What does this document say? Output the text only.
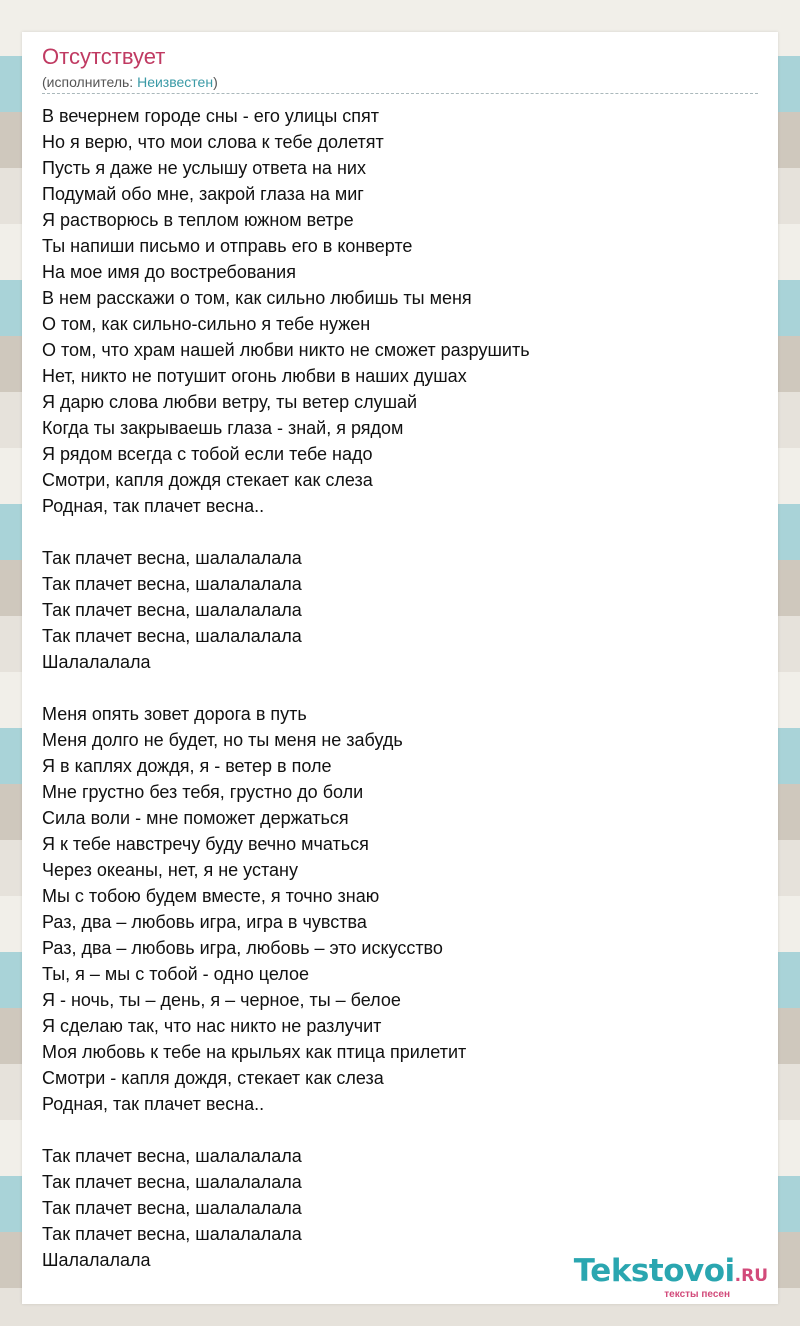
Отсутствует
(исполнитель: Неизвестен)
В вечернем городе сны - его улицы спят
Но я верю, что мои слова к тебе долетят
Пусть я даже не услышу ответа на них
Подумай обо мне, закрой глаза на миг
Я растворюсь в теплом южном ветре
Ты напиши письмо и отправь его в конверте
На мое имя до востребования
В нем расскажи о том, как сильно любишь ты меня
О том, как сильно-сильно я тебе нужен
О том, что храм нашей любви никто не сможет разрушить
Нет, никто не потушит огонь любви в наших душах
Я дарю слова любви ветру, ты ветер слушай
Когда ты закрываешь глаза - знай, я рядом
Я рядом всегда с тобой если тебе надо
Смотри, капля дождя стекает как слеза
Родная, так плачет весна..
Так плачет весна, шалалалала
Так плачет весна, шалалалала
Так плачет весна, шалалалала
Так плачет весна, шалалалала
Шалалалала
Меня опять зовет дорога в путь
Меня долго не будет, но ты меня не забудь
Я в каплях дождя, я - ветер в поле
Мне грустно без тебя, грустно до боли
Сила воли - мне поможет держаться
Я к тебе навстречу буду вечно мчаться
Через океаны, нет, я не устану
Мы с тобою будем вместе, я точно знаю
Раз, два – любовь игра, игра в чувства
Раз, два – любовь игра, любовь – это искусство
Ты, я – мы с тобой - одно целое
Я - ночь, ты – день, я – черное, ты – белое
Я сделаю так, что нас никто не разлучит
Моя любовь к тебе на крыльях как птица прилетит
Смотри - капля дождя, стекает как слеза
Родная, так плачет весна..
Так плачет весна, шалалалала
Так плачет весна, шалалалала
Так плачет весна, шалалалала
Так плачет весна, шалалалала
Шалалалала	Tekstovoi.RU
тексты песен
